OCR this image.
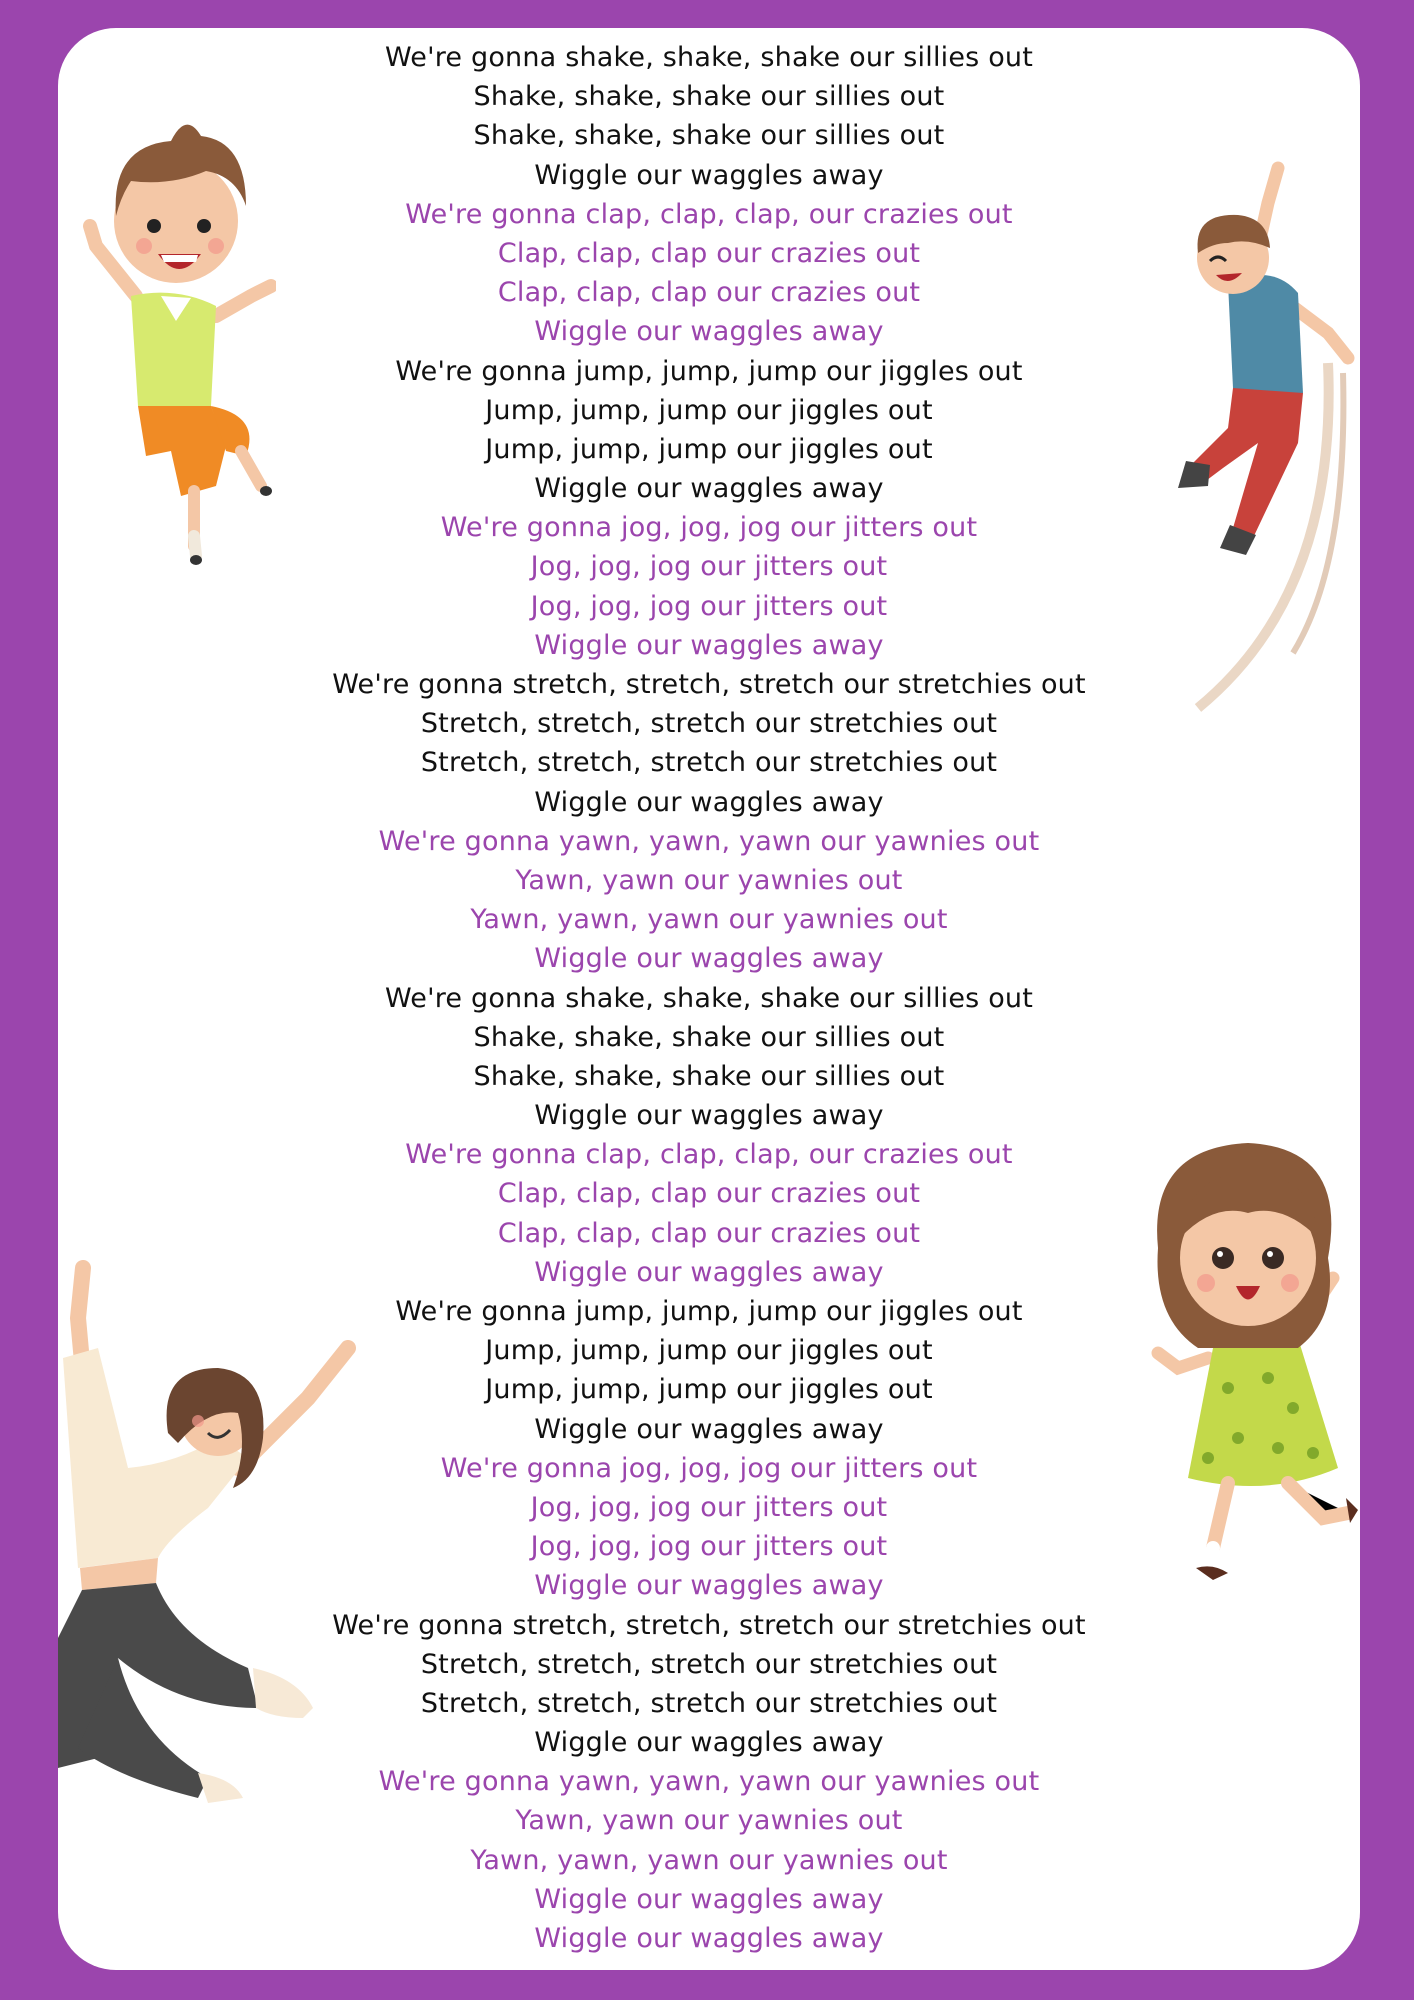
We're gonna shake, shake, shake our sillies out
Shake, shake, shake our sillies out
Shake, shake, shake our sillies out
Wiggle our waggles away
We're gonna clap, clap, clap, our crazies out
Clap, clap, clap our crazies out
Clap, clap, clap our crazies out
Wiggle our waggles away
We're gonna jump, jump, jump our jiggles out
Jump, jump, jump our jiggles out
Jump, jump, jump our jiggles out
Wiggle our waggles away
We're gonna jog, jog, jog our jitters out
Jog, jog, jog our jitters out
Jog, jog, jog our jitters out
Wiggle our waggles away
We're gonna stretch, stretch, stretch our stretchies out
Stretch, stretch, stretch our stretchies out
Stretch, stretch, stretch our stretchies out
Wiggle our waggles away
We're gonna yawn, yawn, yawn our yawnies out
Yawn, yawn our yawnies out
Yawn, yawn, yawn our yawnies out
Wiggle our waggles away
We're gonna shake, shake, shake our sillies out
Shake, shake, shake our sillies out
Shake, shake, shake our sillies out
Wiggle our waggles away
We're gonna clap, clap, clap, our crazies out
Clap, clap, clap our crazies out
Clap, clap, clap our crazies out
Wiggle our waggles away
We're gonna jump, jump, jump our jiggles out
Jump, jump, jump our jiggles out
Jump, jump, jump our jiggles out
Wiggle our waggles away
We're gonna jog, jog, jog our jitters out
Jog, jog, jog our jitters out
Jog, jog, jog our jitters out
Wiggle our waggles away
We're gonna stretch, stretch, stretch our stretchies out
Stretch, stretch, stretch our stretchies out
Stretch, stretch, stretch our stretchies out
Wiggle our waggles away
We're gonna yawn, yawn, yawn our yawnies out
Yawn, yawn our yawnies out
Yawn, yawn, yawn our yawnies out
Wiggle our waggles away
Wiggle our waggles away
